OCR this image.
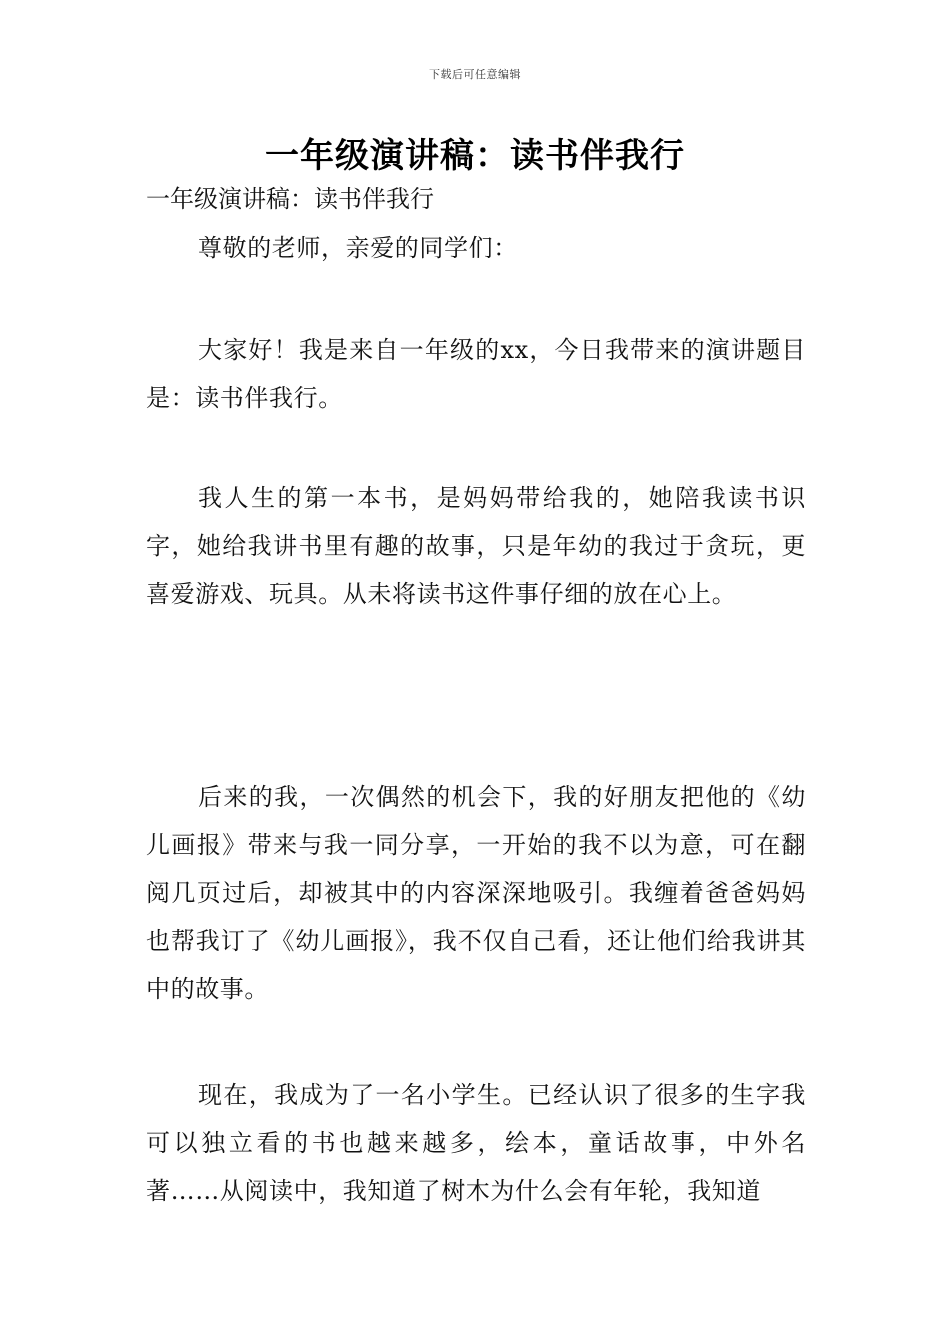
下载后可任意编辑
一年级演讲稿：读书伴我行
一年级演讲稿：读书伴我行
尊敬的老师，亲爱的同学们：
大家好！我是来自一年级的xx，今日我带来的演讲题目是：读书伴我行。
我人生的第一本书，是妈妈带给我的，她陪我读书识字，她给我讲书里有趣的故事，只是年幼的我过于贪玩，更喜爱游戏、玩具。从未将读书这件事仔细的放在心上。
后来的我，一次偶然的机会下，我的好朋友把他的《幼儿画报》带来与我一同分享，一开始的我不以为意，可在翻阅几页过后，却被其中的内容深深地吸引。我缠着爸爸妈妈也帮我订了《幼儿画报》，我不仅自己看，还让他们给我讲其中的故事。
现在，我成为了一名小学生。已经认识了很多的生字我可以独立看的书也越来越多，绘本，童话故事，中外名著……从阅读中，我知道了树木为什么会有年轮，我知道
